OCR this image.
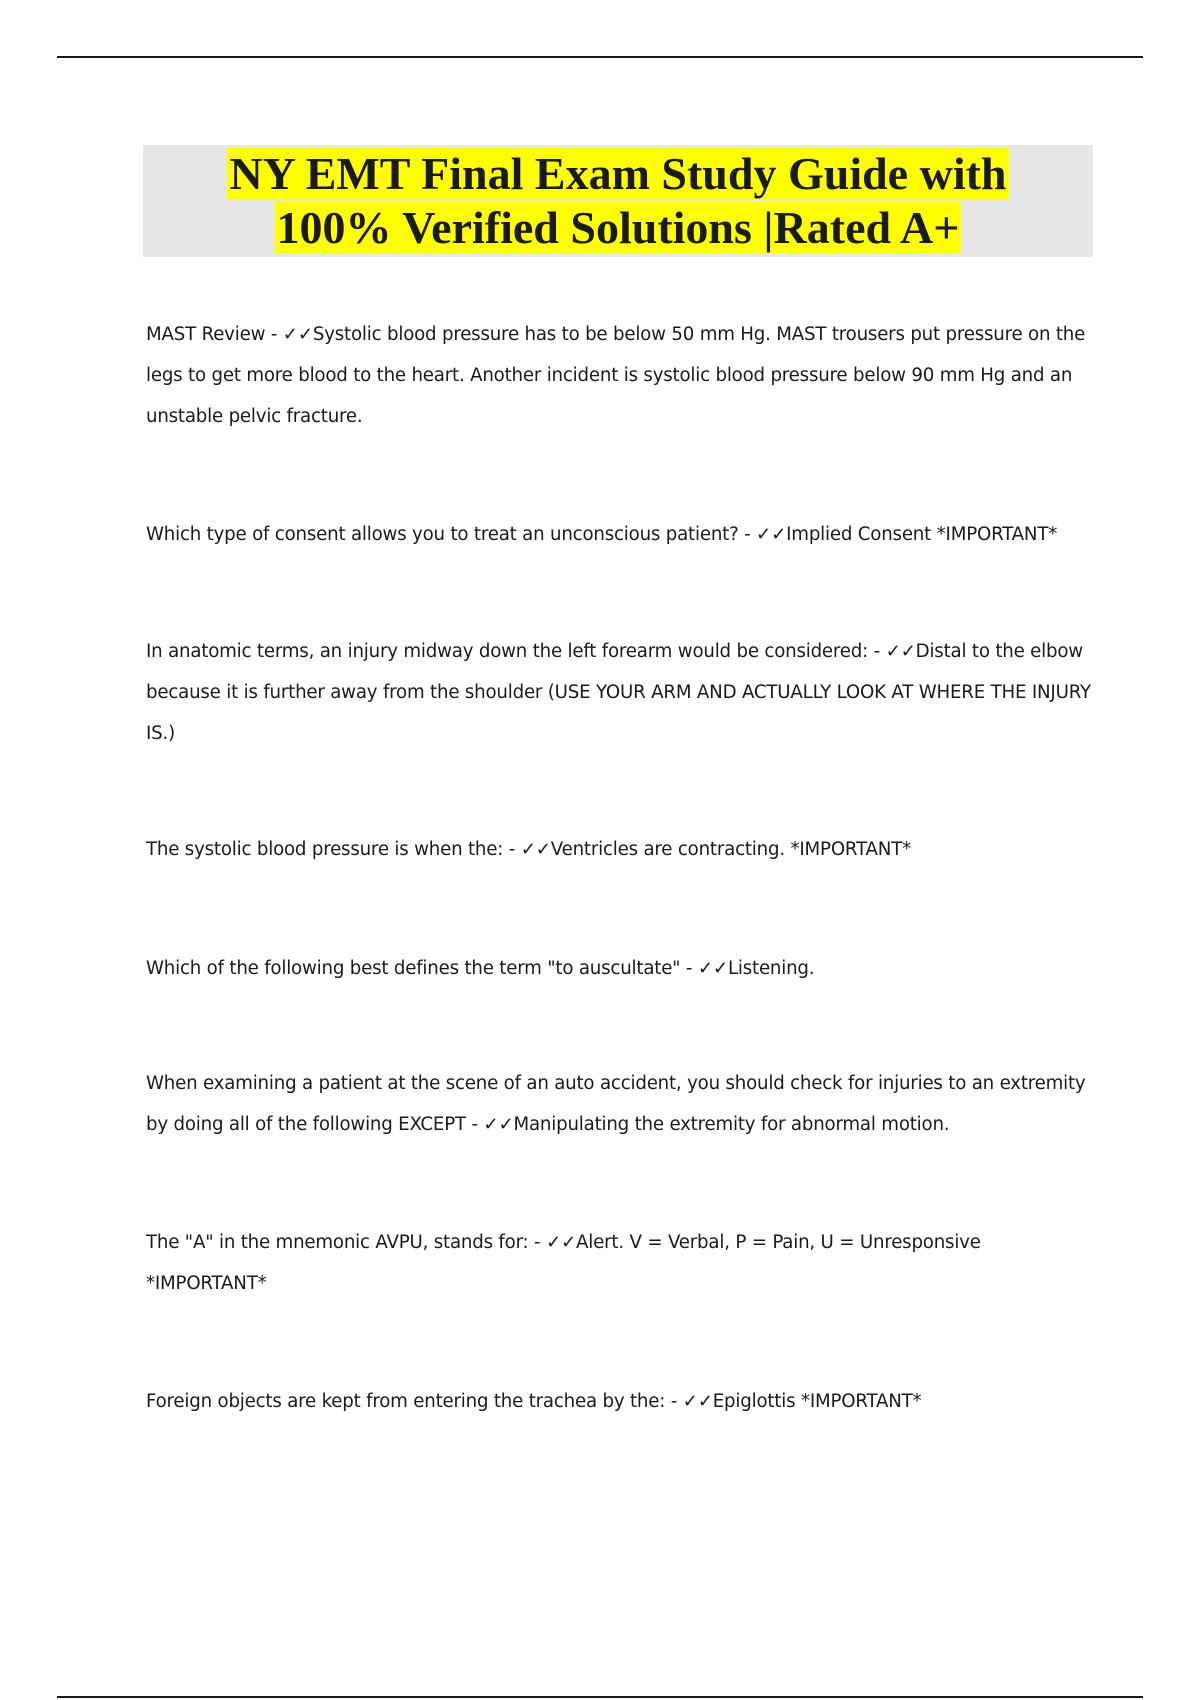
NY EMT Final Exam Study Guide with
100% Verified Solutions |Rated A+

MAST Review - ✓✓Systolic blood pressure has to be below 50 mm Hg. MAST trousers put pressure on the legs to get more blood to the heart. Another incident is systolic blood pressure below 90 mm Hg and an unstable pelvic fracture.

Which type of consent allows you to treat an unconscious patient? - ✓✓Implied Consent *IMPORTANT*

In anatomic terms, an injury midway down the left forearm would be considered: - ✓✓Distal to the elbow because it is further away from the shoulder (USE YOUR ARM AND ACTUALLY LOOK AT WHERE THE INJURY IS.)

The systolic blood pressure is when the: - ✓✓Ventricles are contracting. *IMPORTANT*

Which of the following best defines the term "to auscultate" - ✓✓Listening.

When examining a patient at the scene of an auto accident, you should check for injuries to an extremity by doing all of the following EXCEPT - ✓✓Manipulating the extremity for abnormal motion.

The "A" in the mnemonic AVPU, stands for: - ✓✓Alert. V = Verbal, P = Pain, U = Unresponsive *IMPORTANT*

Foreign objects are kept from entering the trachea by the: - ✓✓Epiglottis *IMPORTANT*
